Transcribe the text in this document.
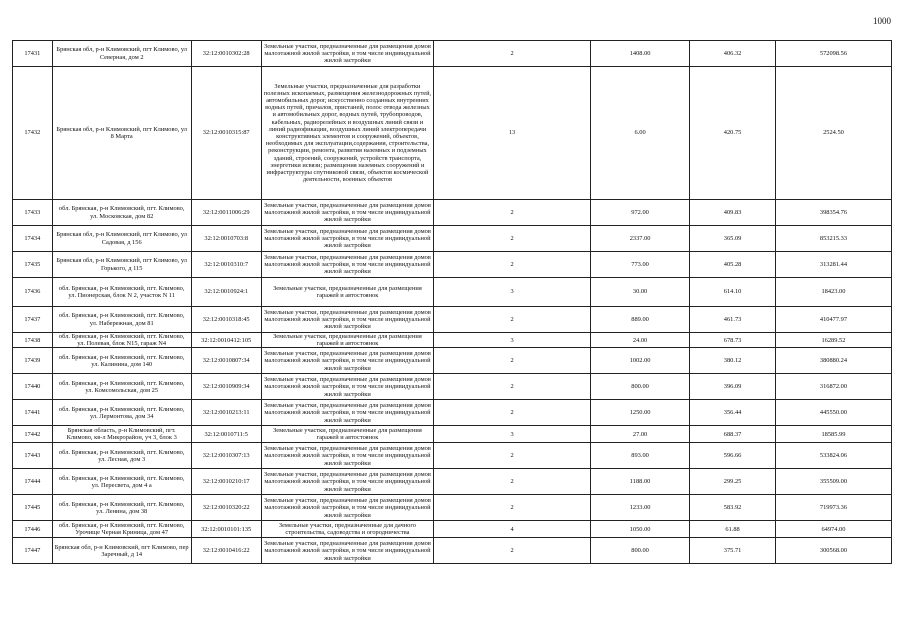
1000
17431	Брянская обл, р-н Климовский, пгт Климово, ул Северная, дом 2	32:12:0010302:28	Земельные участки, предназначенные для размещения домов малоэтажной жилой застройки, в том числе индивидуальной жилой застройки	2	1408.00	406.32	572098.56
17432	Брянская обл, р-н Климовский, пгт Климово, ул 8 Марта	32:12:0010315:87	Земельные участки, предназначенные для разработки полезных ископаемых, размещения железнодорожных путей, автомобильных дорог, искусственно созданных внутренних водных путей, причалов, пристаней, полос отвода железных и автомобильных дорог, водных путей, трубопроводов, кабельных, радиорелейных и воздушных линий связи и линий радиофикации, воздушных линий электропередачи конструктивных элементов и сооружений, объектов, необходимых для эксплуатации,содержания, строительства, реконструкции, ремонта, развития наземных и подземных зданий, строений, сооружений, устройств транспорта, энергетики исвязи; размещения наземных сооружений и инфраструктуры спутниковой связи, объектов космической деятельности, военных объектов	13	6.00	420.75	2524.50
17433	обл. Брянская, р-н Климовский, пгт. Климово, ул. Московская, дом 82	32:12:0011006:29	Земельные участки, предназначенные для размещения домов малоэтажной жилой застройки, в том числе индивидуальной жилой застройки	2	972.00	409.83	398354.76
17434	Брянская обл, р-н Климовский, пгт Климово, ул Садовая, д 156	32:12:0010703:8	Земельные участки, предназначенные для размещения домов малоэтажной жилой застройки, в том числе индивидуальной жилой застройки	2	2337.00	365.09	853215.33
17435	Брянская обл, р-н Климовский, пгт Климово, ул Горького, д 115	32:12:0010310:7	Земельные участки, предназначенные для размещения домов малоэтажной жилой застройки, в том числе индивидуальной жилой застройки	2	773.00	405.28	313281.44
17436	обл. Брянская, р-н Климовский, пгт. Климово, ул. Пионерская, блок N 2, участок N 11	32:12:0010924:1	Земельные участки, предназначенные для размещения гаражей и автостоянок	3	30.00	614.10	18423.00
17437	обл. Брянская, р-н Климовский, пгт. Климово, ул. Набережная, дом 81	32:12:0010318:45	Земельные участки, предназначенные для размещения домов малоэтажной жилой застройки, в том числе индивидуальной жилой застройки	2	889.00	461.73	410477.97
17438	обл. Брянская, р-н Климовский, пгт. Климово, ул. Полевая, блок N15, гараж N4	32:12:0010412:105	Земельные участки, предназначенные для размещения гаражей и автостоянок	3	24.00	678.73	16289.52
17439	обл. Брянская, р-н Климовский, пгт. Климово, ул. Калинина, дом 140	32:12:0010807:34	Земельные участки, предназначенные для размещения домов малоэтажной жилой застройки, в том числе индивидуальной жилой застройки	2	1002.00	380.12	380880.24
17440	обл. Брянская, р-н Климовский, пгт. Климово, ул. Комсомольская, дом 25	32:12:0010909:34	Земельные участки, предназначенные для размещения домов малоэтажной жилой застройки, в том числе индивидуальной жилой застройки	2	800.00	396.09	316872.00
17441	обл. Брянская, р-н Климовский, пгт. Климово, ул. Лермонтова, дом 34	32:12:0010213:11	Земельные участки, предназначенные для размещения домов малоэтажной жилой застройки, в том числе индивидуальной жилой застройки	2	1250.00	356.44	445550.00
17442	Брянская область, р-н Климовский, пгт. Климово, кв-л Микрорайон, уч 3, блок 3	32:12:0010711:5	Земельные участки, предназначенные для размещения гаражей и автостоянок	3	27.00	688.37	18585.99
17443	обл. Брянская, р-н Климовский, пгт. Климово, ул. Лесная, дом 3	32:12:0010307:13	Земельные участки, предназначенные для размещения домов малоэтажной жилой застройки, в том числе индивидуальной жилой застройки	2	893.00	596.66	533824.06
17444	обл. Брянская, р-н Климовский, пгт. Климово, ул. Пересвета, дом 4 а	32:12:0010210:17	Земельные участки, предназначенные для размещения домов малоэтажной жилой застройки, в том числе индивидуальной жилой застройки	2	1188.00	299.25	355509.00
17445	обл. Брянская, р-н Климовский, пгт. Климово, ул. Ленина, дом 38	32:12:0010320:22	Земельные участки, предназначенные для размещения домов малоэтажной жилой застройки, в том числе индивидуальной жилой застройки	2	1233.00	583.92	719973.36
17446	обл. Брянская, р-н Климовский, пгт. Климово, Урочище Черная Криница, дом 47	32:12:0010101:135	Земельные участки, предназначенные для дачного строительства, садоводства и огородничества	4	1050.00	61.88	64974.00
17447	Брянская обл, р-н Климовский, пгт Климово, пер Заречный, д 14	32:12:0010416:22	Земельные участки, предназначенные для размещения домов малоэтажной жилой застройки, в том числе индивидуальной жилой застройки	2	800.00	375.71	300568.00
